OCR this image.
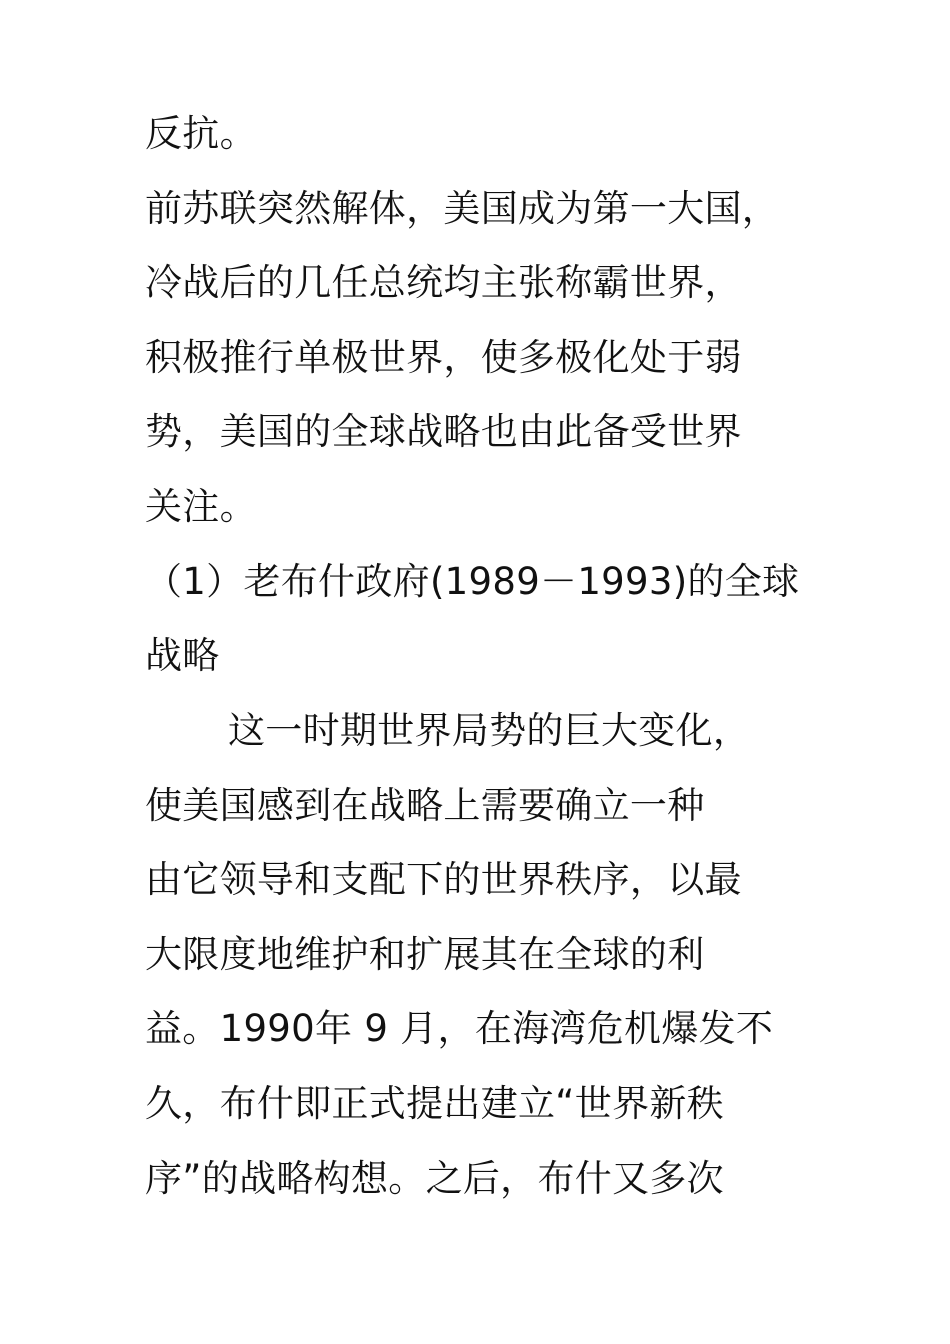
反抗。
前苏联突然解体，美国成为第一大国，
冷战后的几任总统均主张称霸世界，
积极推行单极世界，使多极化处于弱
势，美国的全球战略也由此备受世界
关注。
（1）老布什政府(1989－1993)的全球
战略
这一时期世界局势的巨大变化，
使美国感到在战略上需要确立一种
由它领导和支配下的世界秩序，以最
大限度地维护和扩展其在全球的利
益。1990年 9 月，在海湾危机爆发不
久，布什即正式提出建立“世界新秩
序”的战略构想。之后，布什又多次
